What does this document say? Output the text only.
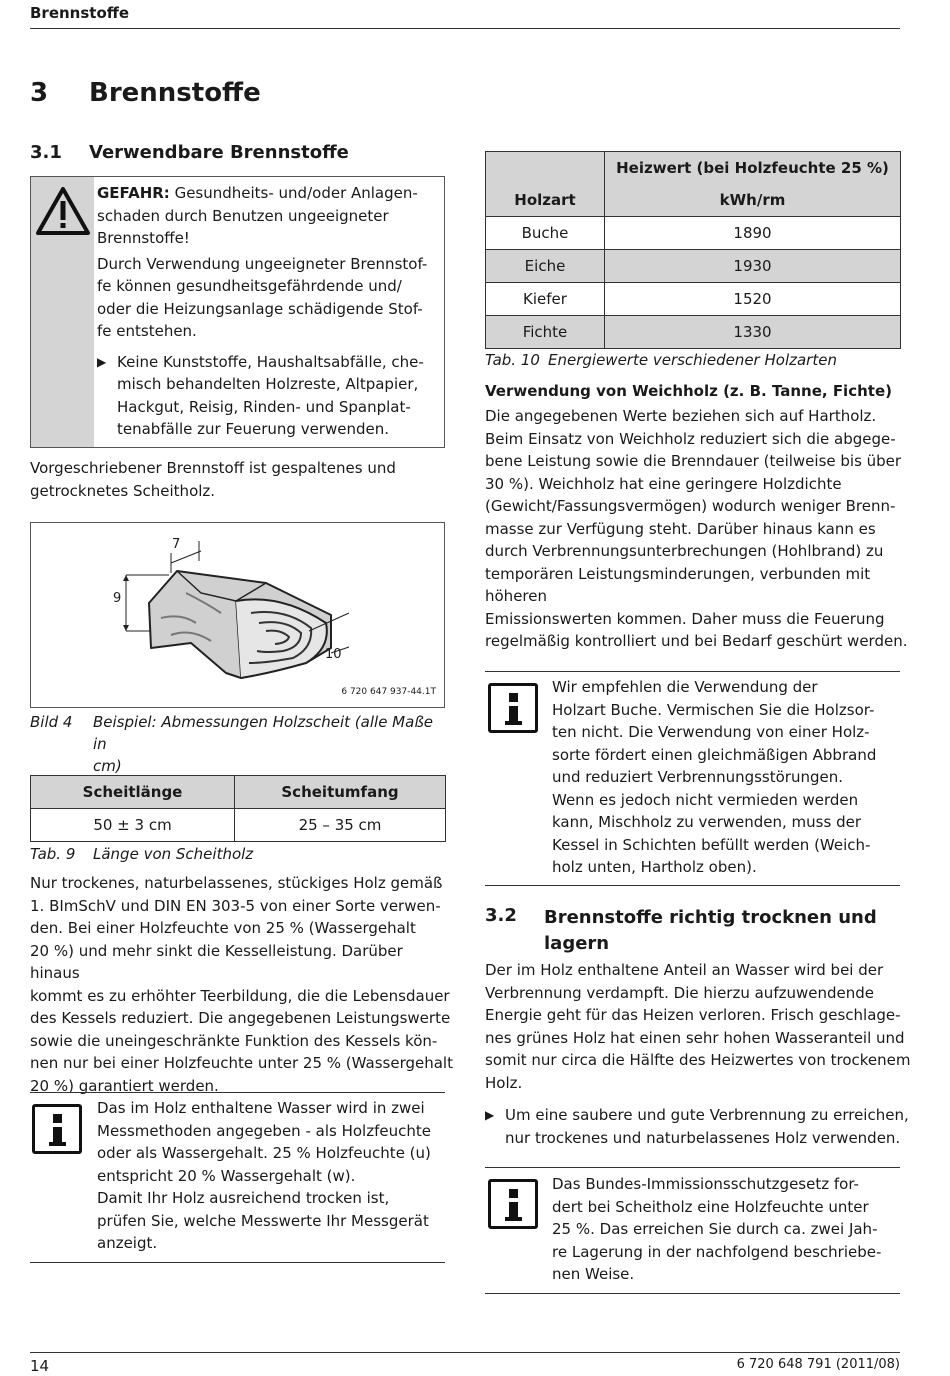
Brennstoffe
3 Brennstoffe
3.1 Verwendbare Brennstoffe

GEFAHR: Gesundheits- und/oder Anlagen-

schaden durch Benutzen ungeeigneter

Brennstoffe!

Durch Verwendung ungeeigneter Brennstof-

fe können gesundheitsgefährdende und/

oder die Heizungsanlage schädigende Stof-

fe entstehen.

▶ Keine Kunststoffe, Haushaltsabfälle, che-

misch behandelten Holzreste, Altpapier,

Hackgut, Reisig, Rinden- und Spanplat-

tenabfälle zur Feuerung verwenden.

Vorgeschriebener Brennstoff ist gespaltenes und

getrocknetes Scheitholz.

7
9
10
6 720 647 937-44.1T
Bild 4 Beispiel: Abmessungen Holzscheit (alle Maße in

cm)

Scheitlänge	Scheitumfang
50 ± 3 cm	25 – 35 cm
Tab. 9 Länge von Scheitholz

Nur trockenes, naturbelassenes, stückiges Holz gemäß

1. BImSchV und DIN EN 303-5 von einer Sorte verwen-

den. Bei einer Holzfeuchte von 25 % (Wassergehalt

20 %) und mehr sinkt die Kesselleistung. Darüber hinaus

kommt es zu erhöhter Teerbildung, die die Lebensdauer

des Kessels reduziert. Die angegebenen Leistungswerte

sowie die uneingeschränkte Funktion des Kessels kön-

nen nur bei einer Holzfeuchte unter 25 % (Wassergehalt

20 %) garantiert werden.

Das im Holz enthaltene Wasser wird in zwei

Messmethoden angegeben - als Holzfeuchte

oder als Wassergehalt. 25 % Holzfeuchte (u)

entspricht 20 % Wassergehalt (w).

Damit Ihr Holz ausreichend trocken ist,

prüfen Sie, welche Messwerte Ihr Messgerät

anzeigt.

Holzart	Heizwert (bei Holzfeuchte 25 %)
	kWh/rm
Buche	1890
Eiche	1930
Kiefer	1520
Fichte	1330
Tab. 10 Energiewerte verschiedener Holzarten
Verwendung von Weichholz (z. B. Tanne, Fichte)

Die angegebenen Werte beziehen sich auf Hartholz.

Beim Einsatz von Weichholz reduziert sich die abgege-

bene Leistung sowie die Brenndauer (teilweise bis über

30 %). Weichholz hat eine geringere Holzdichte

(Gewicht/Fassungsvermögen) wodurch weniger Brenn-

masse zur Verfügung steht. Darüber hinaus kann es

durch Verbrennungsunterbrechungen (Hohlbrand) zu

temporären Leistungsminderungen, verbunden mit

höheren

Emissionswerten kommen. Daher muss die Feuerung

regelmäßig kontrolliert und bei Bedarf geschürt werden.

Wir empfehlen die Verwendung der

Holzart Buche. Vermischen Sie die Holzsor-

ten nicht. Die Verwendung von einer Holz-

sorte fördert einen gleichmäßigen Abbrand

und reduziert Verbrennungsstörungen.

Wenn es jedoch nicht vermieden werden

kann, Mischholz zu verwenden, muss der

Kessel in Schichten befüllt werden (Weich-

holz unten, Hartholz oben).

3.2 Brennstoffe richtig trocknen und

lagern

Der im Holz enthaltene Anteil an Wasser wird bei der

Verbrennung verdampft. Die hierzu aufzuwendende

Energie geht für das Heizen verloren. Frisch geschlage-

nes grünes Holz hat einen sehr hohen Wasseranteil und

somit nur circa die Hälfte des Heizwertes von trockenem

Holz.

▶ Um eine saubere und gute Verbrennung zu erreichen,

nur trockenes und naturbelassenes Holz verwenden.

Das Bundes-Immissionsschutzgesetz for-

dert bei Scheitholz eine Holzfeuchte unter

25 %. Das erreichen Sie durch ca. zwei Jah-

re Lagerung in der nachfolgend beschriebe-

nen Weise.

14	6 720 648 791 (2011/08)
